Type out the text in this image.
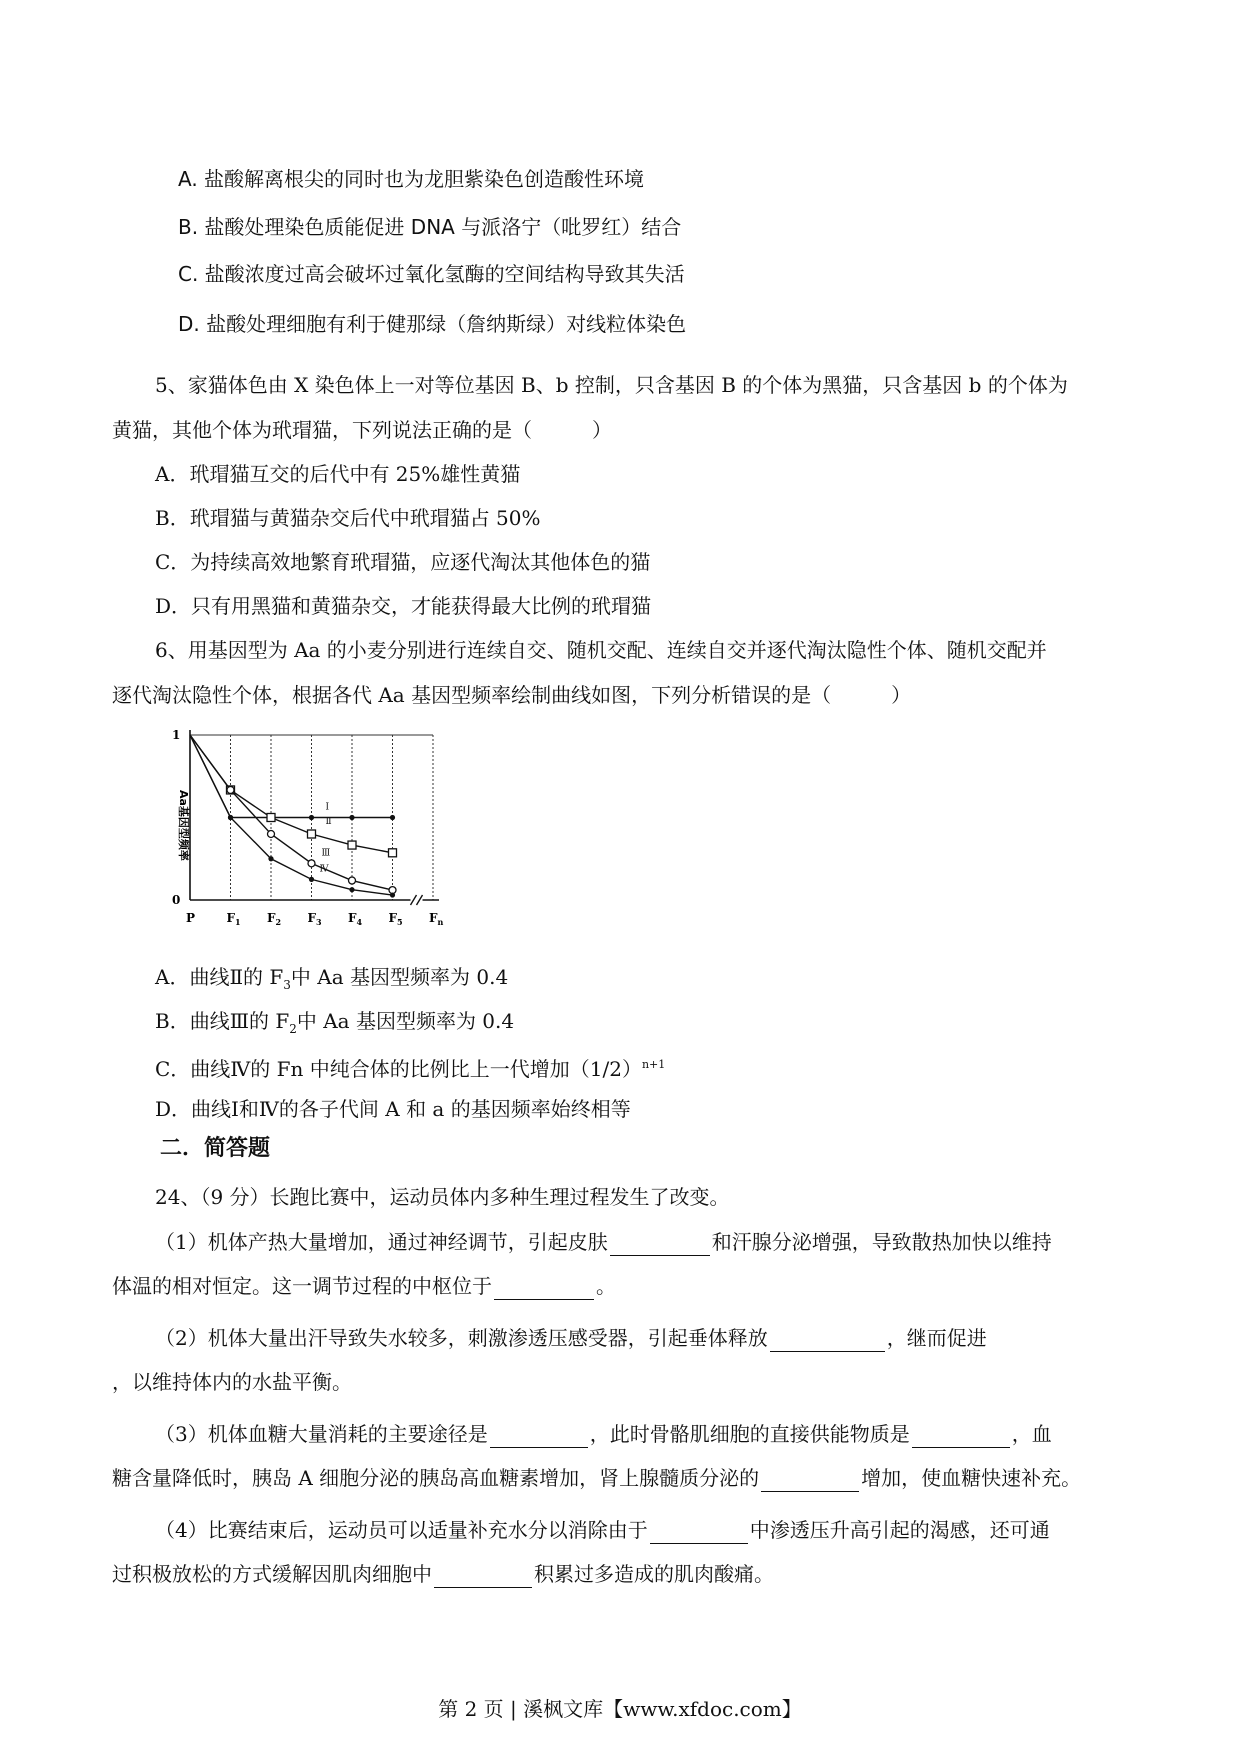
A. 盐酸解离根尖的同时也为龙胆紫染色创造酸性环境
B. 盐酸处理染色质能促进 DNA 与派洛宁（吡罗红）结合
C. 盐酸浓度过高会破坏过氧化氢酶的空间结构导致其失活
D. 盐酸处理细胞有利于健那绿（詹纳斯绿）对线粒体染色
5、家猫体色由 X 染色体上一对等位基因 B、b 控制，只含基因 B 的个体为黑猫，只含基因 b 的个体为
黄猫，其他个体为玳瑁猫，下列说法正确的是（　　　）
A．玳瑁猫互交的后代中有 25%雄性黄猫
B．玳瑁猫与黄猫杂交后代中玳瑁猫占 50%
C．为持续高效地繁育玳瑁猫，应逐代淘汰其他体色的猫
D．只有用黑猫和黄猫杂交，才能获得最大比例的玳瑁猫
6、用基因型为 Aa 的小麦分别进行连续自交、随机交配、连续自交并逐代淘汰隐性个体、随机交配并
逐代淘汰隐性个体，根据各代 Aa 基因型频率绘制曲线如图，下列分析错误的是（　　　）
Ⅰ
Ⅱ
Ⅲ
Ⅳ
1
0
Aa基因型频率
P	$F_1$ $F_2$ $F_3$ $F_4$ $F_5$ $F_n$
A．曲线Ⅱ的 $F_3$中 Aa 基因型频率为 0.4
B．曲线Ⅲ的 $F_2$中 Aa 基因型频率为 0.4
C．曲线Ⅳ的 Fn 中纯合体的比例比上一代增加$(1/2)^{n+1}$
D．曲线Ⅰ和Ⅳ的各子代间 A 和 a 的基因频率始终相等
二．简答题
24、（9 分）长跑比赛中，运动员体内多种生理过程发生了改变。
（1）机体产热大量增加，通过神经调节，引起皮肤	和汗腺分泌增强，导致散热加快以维持
体温的相对恒定。这一调节过程的中枢位于	。
（2）机体大量出汗导致失水较多，刺激渗透压感受器，引起垂体释放	，继而促进
，以维持体内的水盐平衡。
（3）机体血糖大量消耗的主要途径是	，此时骨骼肌细胞的直接供能物质是	，血
糖含量降低时，胰岛 A 细胞分泌的胰岛高血糖素增加，肾上腺髓质分泌的	增加，使血糖快速补充。
（4）比赛结束后，运动员可以适量补充水分以消除由于	中渗透压升高引起的渴感，还可通
过积极放松的方式缓解因肌肉细胞中	积累过多造成的肌肉酸痛。
第 2 页 | 溪枫文库【www.xfdoc.com】
